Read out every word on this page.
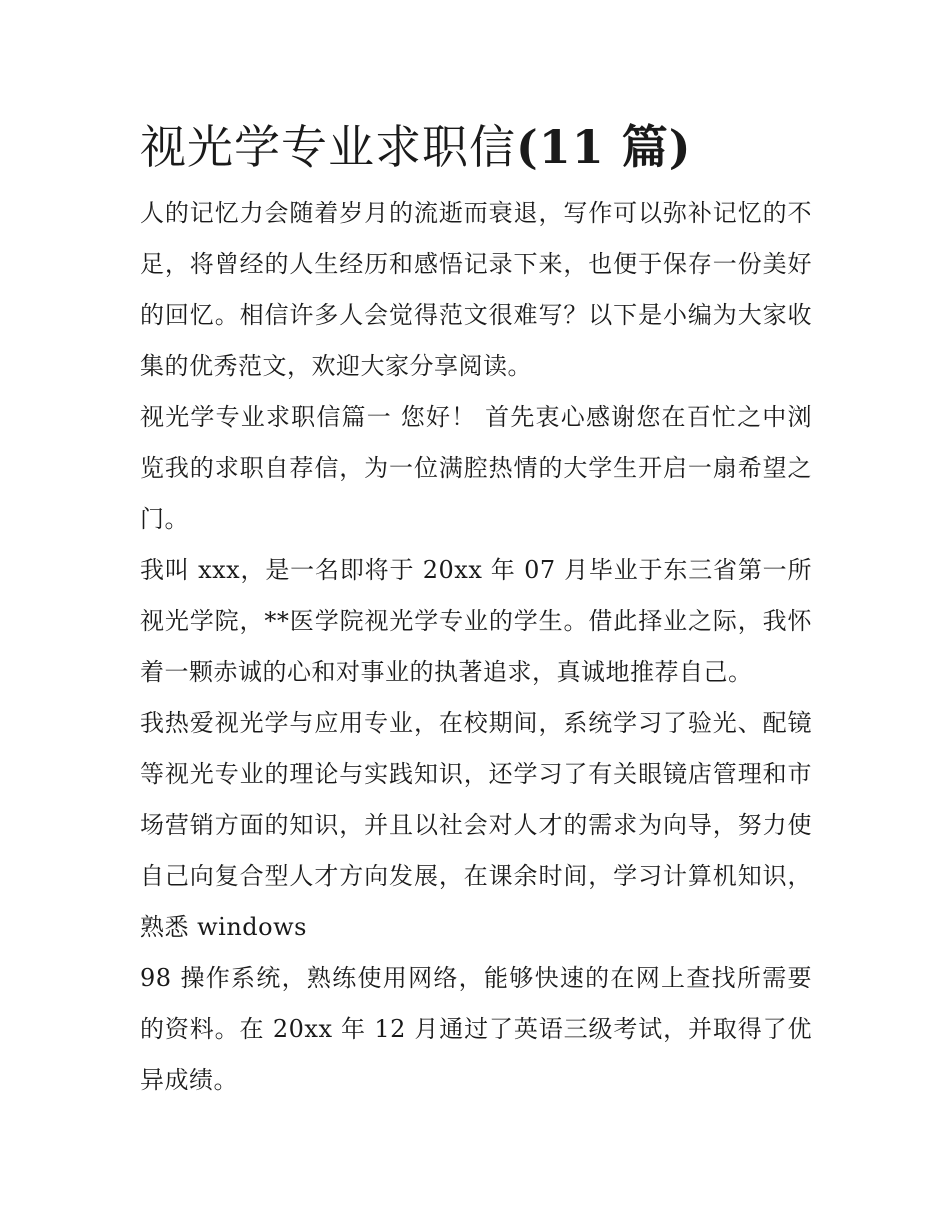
视光学专业求职信(11 篇)

人的记忆力会随着岁月的流逝而衰退，写作可以弥补记忆的不足，将曾经的人生经历和感悟记录下来，也便于保存一份美好的回忆。相信许多人会觉得范文很难写？以下是小编为大家收集的优秀范文，欢迎大家分享阅读。

视光学专业求职信篇一 您好！ 首先衷心感谢您在百忙之中浏览我的求职自荐信，为一位满腔热情的大学生开启一扇希望之门。

我叫 xxx，是一名即将于 20xx 年 07 月毕业于东三省第一所视光学院，**医学院视光学专业的学生。借此择业之际，我怀着一颗赤诚的心和对事业的执著追求，真诚地推荐自己。

我热爱视光学与应用专业，在校期间，系统学习了验光、配镜等视光专业的理论与实践知识，还学习了有关眼镜店管理和市场营销方面的知识，并且以社会对人才的需求为向导，努力使自己向复合型人才方向发展，在课余时间，学习计算机知识，熟悉 windows

98 操作系统，熟练使用网络，能够快速的在网上查找所需要的资料。在 20xx 年 12 月通过了英语三级考试，并取得了优异成绩。
